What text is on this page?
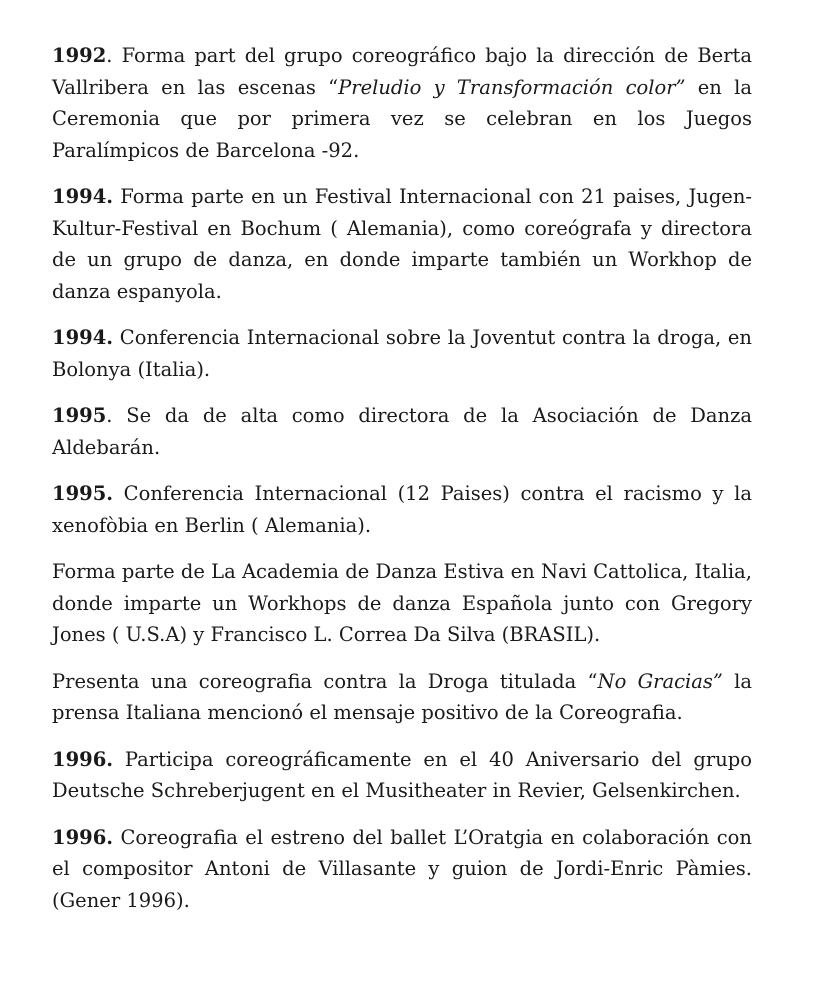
1992. Forma part del grupo coreográfico bajo la dirección de Berta Vallribera en las escenas “Preludio y Transformación color” en la Ceremonia que por primera vez se celebran en los Juegos Paralímpicos de Barcelona -92.

1994. Forma parte en un Festival Internacional con 21 paises, Jugen-Kultur-Festival en Bochum ( Alemania), como coreógrafa y directora de un grupo de danza, en donde imparte también un Workhop de danza espanyola.

1994. Conferencia Internacional sobre la Joventut contra la droga, en Bolonya (Italia).

1995. Se da de alta como directora de la Asociación de Danza Aldebarán.

1995. Conferencia Internacional (12 Paises) contra el racismo y la xenofòbia en Berlin ( Alemania).

Forma parte de La Academia de Danza Estiva en Navi Cattolica, Italia, donde imparte un Workhops de danza Española junto con Gregory Jones ( U.S.A) y Francisco L. Correa Da Silva (BRASIL).

Presenta una coreografia contra la Droga titulada “No Gracias” la prensa Italiana mencionó el mensaje positivo de la Coreografia.

1996. Participa coreográficamente en el 40 Aniversario del grupo Deutsche Schreberjugent en el Musitheater in Revier, Gelsenkirchen.

1996. Coreografia el estreno del ballet L’Oratgia en colaboración con el compositor Antoni de Villasante y guion de Jordi-Enric Pàmies. (Gener 1996).
